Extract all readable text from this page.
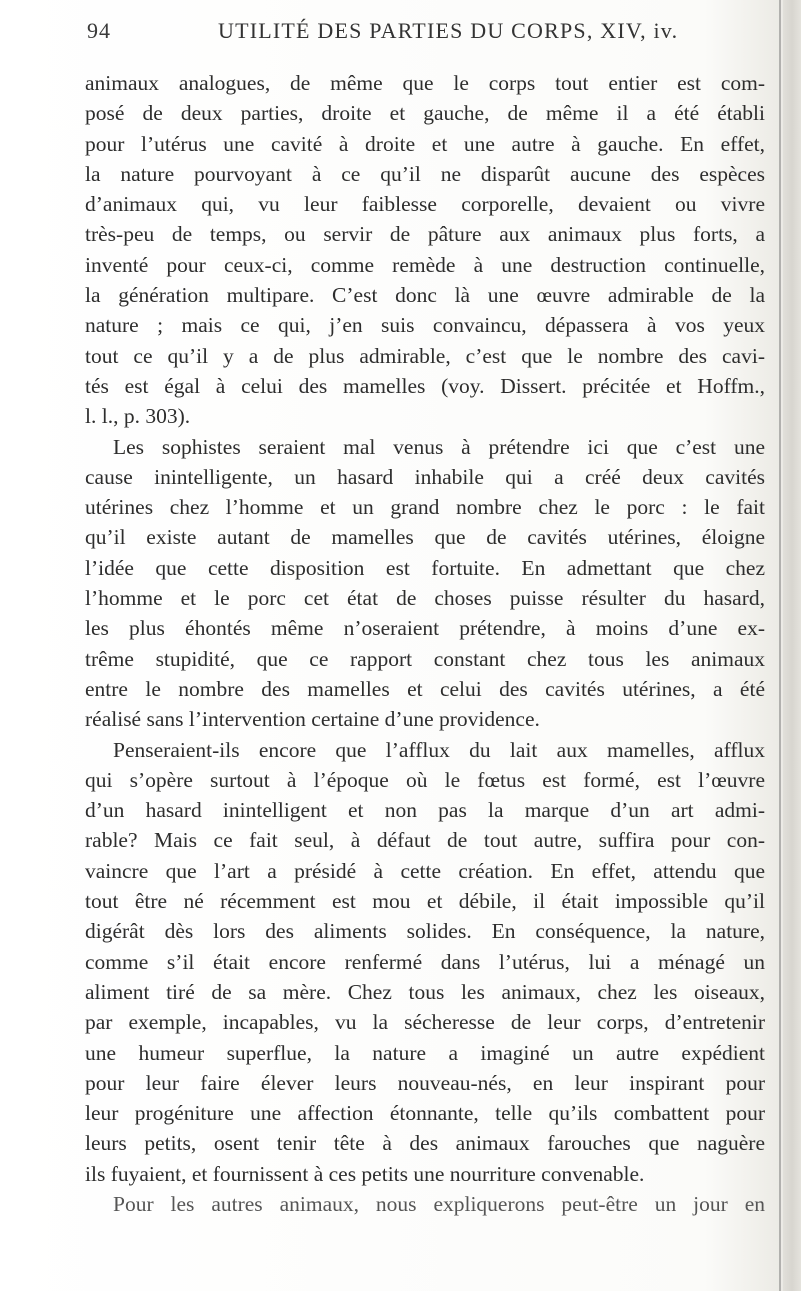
94	UTILITÉ DES PARTIES DU CORPS, XIV, iv.
animaux analogues, de même que le corps tout entier est com-
posé de deux parties, droite et gauche, de même il a été établi
pour l’utérus une cavité à droite et une autre à gauche. En effet,
la nature pourvoyant à ce qu’il ne disparût aucune des espèces
d’animaux qui, vu leur faiblesse corporelle, devaient ou vivre
très-peu de temps, ou servir de pâture aux animaux plus forts, a
inventé pour ceux-ci, comme remède à une destruction continuelle,
la génération multipare. C’est donc là une œuvre admirable de la
nature ; mais ce qui, j’en suis convaincu, dépassera à vos yeux
tout ce qu’il y a de plus admirable, c’est que le nombre des cavi-
tés est égal à celui des mamelles (voy. Dissert. précitée et Hoffm.,
l. l., p. 303).
Les sophistes seraient mal venus à prétendre ici que c’est une
cause inintelligente, un hasard inhabile qui a créé deux cavités
utérines chez l’homme et un grand nombre chez le porc : le fait
qu’il existe autant de mamelles que de cavités utérines, éloigne
l’idée que cette disposition est fortuite. En admettant que chez
l’homme et le porc cet état de choses puisse résulter du hasard,
les plus éhontés même n’oseraient prétendre, à moins d’une ex-
trême stupidité, que ce rapport constant chez tous les animaux
entre le nombre des mamelles et celui des cavités utérines, a été
réalisé sans l’intervention certaine d’une providence.
Penseraient-ils encore que l’afflux du lait aux mamelles, afflux
qui s’opère surtout à l’époque où le fœtus est formé, est l’œuvre
d’un hasard inintelligent et non pas la marque d’un art admi-
rable? Mais ce fait seul, à défaut de tout autre, suffira pour con-
vaincre que l’art a présidé à cette création. En effet, attendu que
tout être né récemment est mou et débile, il était impossible qu’il
digérât dès lors des aliments solides. En conséquence, la nature,
comme s’il était encore renfermé dans l’utérus, lui a ménagé un
aliment tiré de sa mère. Chez tous les animaux, chez les oiseaux,
par exemple, incapables, vu la sécheresse de leur corps, d’entretenir
une humeur superflue, la nature a imaginé un autre expédient
pour leur faire élever leurs nouveau-nés, en leur inspirant pour
leur progéniture une affection étonnante, telle qu’ils combattent pour
leurs petits, osent tenir tête à des animaux farouches que naguère
ils fuyaient, et fournissent à ces petits une nourriture convenable.
Pour les autres animaux, nous expliquerons peut-être un jour en
